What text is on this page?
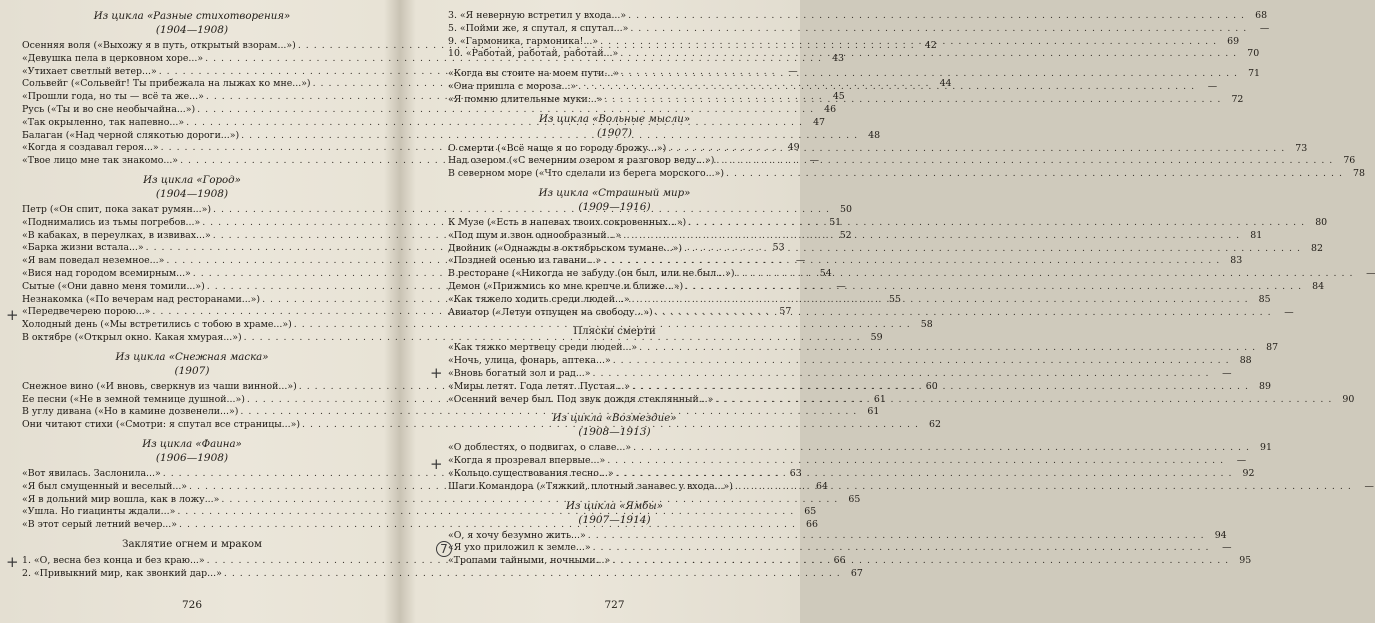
Из цикла «Разные стихотворения»

(1904—1908)

Осенняя воля («Выхожу я в путь, открытый взорам...») . . .	42
«Девушка пела в церковном хоре...» . . .	43
«Утихает светлый ветер...» . . .	—
Сольвейг («Сольвейг! Ты прибежала на лыжах ко мне...») . . .	44
«Прошли года, но ты — всё та же...» . . .	45
Русь («Ты и во сне необычайна...») . . .	46
«Так окрыленно, так напевно...» . . .	47
Балаган («Над черной слякотью дороги...») . . .	48
«Когда я создавал героя...» . . .	49
«Твое лицо мне так знакомо...» . . .	—

Из цикла «Город»

(1904—1908)

Петр («Он спит, пока закат румян...») . . .	50
«Поднимались из тьмы погребов...» . . .	51
«В кабаках, в переулках, в извивах...» . . .	52
«Барка жизни встала...» . . .	53
«Я вам поведал неземное...» . . .	—
«Вися над городом всемирным...» . . .	54
Сытые («Они давно меня томили...») . . .	—
Незнакомка («По вечерам над ресторанами...») . . .	55
«Передвечерею порою...» . . .	57
Холодный день («Мы встретились с тобою в храме...») . . .	58
В октябре («Открыл окно. Какая хмурая...») . . .	59

Из цикла «Снежная маска»

(1907)

Снежное вино («И вновь, сверкнув из чаши винной...») . . .	60
Ее песни («Не в земной темнице душной...») . . .	61
В углу дивана («Но в камине дозвенели...») . . .	61
Они читают стихи («Смотри: я спутал все страницы...») . . .	62

Из цикла «Фаина»

(1906—1908)

«Вот явилась. Заслонила...» . . .	63
«Я был смущенный и веселый...» . . .	64
«Я в дольний мир вошла, как в ложу...» . . .	65
«Ушла. Но гиацинты ждали...» . . .	65
«В этот серый летний вечер...» . . .	66

Заклятие огнем и мраком

1. «О, весна без конца и без краю...» . . .	66
2. «Привыкний мир, как звонкий дар...» . . .	67
726
3. «Я неверную встретил у входа...» . . .	68
5. «Пойми же, я спутал, я спутал...» . . .	—
9. «Гармоника, гармоника!...» . . .	69
10. «Работай, работай, работай...» . . .	70
«Когда вы стоите на моем пути...» . . .	71
«Она пришла с мороза...» . . .	—
«Я помню длительные муки...» . . .	72

Из цикла «Вольные мысли»

(1907)

О смерти («Всё чаще я по городу брожу...») . . .	73
Над озером («С вечерним озером я разговор веду...») . . .	76
В северном море («Что сделали из берега морского...») . . .	78

Из цикла «Страшный мир»

(1909—1916)

К Музе («Есть в напевах твоих сокровенных...») . . .	80
«Под шум и звон однообразный...» . . .	81
Двойник («Однажды в октябрьском тумане...») . . .	82
«Поздней осенью из гавани...» . . .	83
В ресторане («Никогда не забуду (он был, или не был...») . . .	—
Демон («Прижмись ко мне крепче и ближе...») . . .	84
«Как тяжело ходить среди людей...» . . .	85
Авиатор («Летун отпущен на свободу...») . . .	—

Пляски смерти

«Как тяжко мертвецу среди людей...» . . .	87
«Ночь, улица, фонарь, аптека...» . . .	88
«Вновь богатый зол и рад...» . . .	—
«Миры летят. Года летят. Пустая...» . . .	89
«Осенний вечер был. Под звук дождя стеклянный...» . . .	90

Из цикла «Возмездие»

(1908—1913)

«О доблестях, о подвигах, о славе...» . . .	91
«Когда я прозревал впервые...» . . .	—
«Кольцо существования тесно...» . . .	92
Шаги Командора («Тяжкий, плотный занавес у входа...») . . .	—

Из цикла «Ямбы»

(1907—1914)

«О, я хочу безумно жить...» . . .	94
«Я ухо приложил к земле...» . . .	—
«Тропами тайными, ночными...» . . .	95
727
+
+
+
+
7
